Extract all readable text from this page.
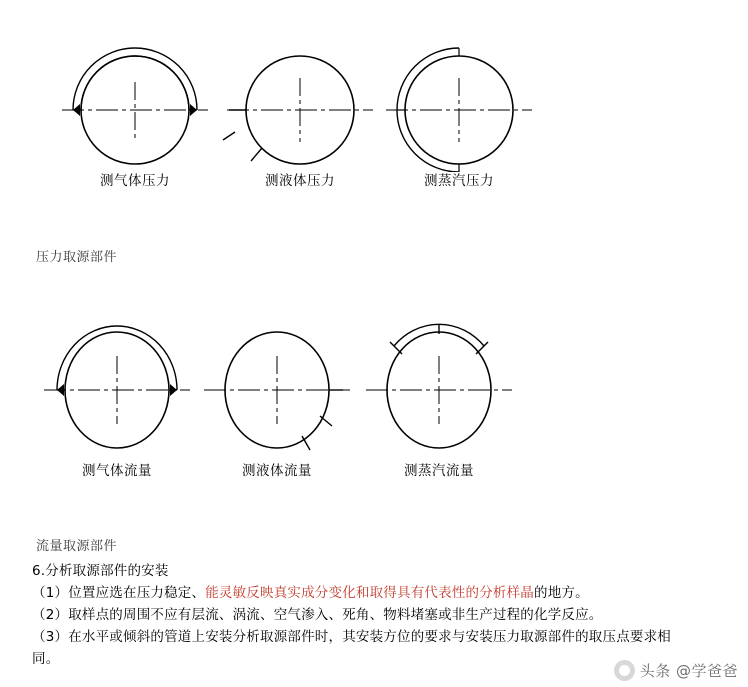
测气体压力	测液体压力	测蒸汽压力
压力取源部件
测气体流量	测液体流量	测蒸汽流量
流量取源部件

6.分析取源部件的安装

（1）位置应选在压力稳定、能灵敏反映真实成分变化和取得具有代表性的分析样晶的地方。

（2）取样点的周围不应有层流、涡流、空气渗入、死角、物料堵塞或非生产过程的化学反应。

（3）在水平或倾斜的管道上安装分析取源部件时，其安装方位的要求与安装压力取源部件的取压点要求相

同。

头条 @学爸爸
